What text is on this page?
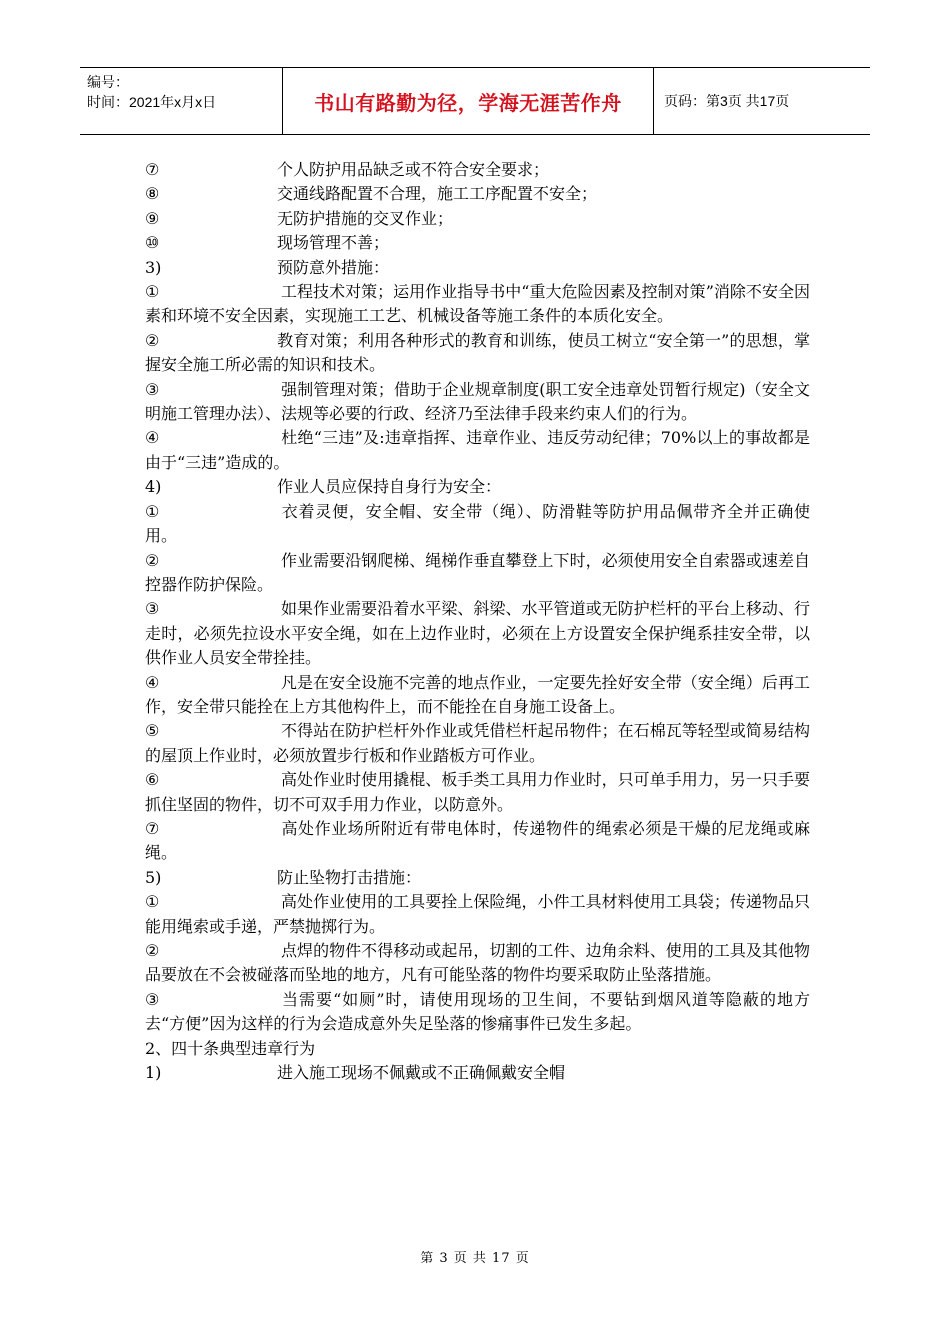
编号：
时间：2021年x月x日	书山有路勤为径，学海无涯苦作舟	页码：第3页 共17页

⑦	个人防护用品缺乏或不符合安全要求；

⑧	交通线路配置不合理，施工工序配置不安全；

⑨	无防护措施的交叉作业；

⑩	现场管理不善；

3)	预防意外措施：

①	工程技术对策；运用作业指导书中“重大危险因素及控制对策”消除不安全因素和环境不安全因素，实现施工工艺、机械设备等施工条件的本质化安全。

②	教育对策；利用各种形式的教育和训练，使员工树立“安全第一”的思想，掌握安全施工所必需的知识和技术。

③	强制管理对策；借助于企业规章制度(职工安全违章处罚暂行规定)（安全文明施工管理办法）、法规等必要的行政、经济乃至法律手段来约束人们的行为。

④	杜绝“三违”及:违章指挥、违章作业、违反劳动纪律；70%以上的事故都是由于“三违”造成的。

4)	作业人员应保持自身行为安全：

①	衣着灵便，安全帽、安全带（绳）、防滑鞋等防护用品佩带齐全并正确使用。

②	作业需要沿钢爬梯、绳梯作垂直攀登上下时，必须使用安全自索器或速差自控器作防护保险。

③	如果作业需要沿着水平梁、斜梁、水平管道或无防护栏杆的平台上移动、行走时，必须先拉设水平安全绳，如在上边作业时，必须在上方设置安全保护绳系挂安全带，以供作业人员安全带拴挂。

④	凡是在安全设施不完善的地点作业，一定要先拴好安全带（安全绳）后再工作，安全带只能拴在上方其他构件上，而不能拴在自身施工设备上。

⑤	不得站在防护栏杆外作业或凭借栏杆起吊物件；在石棉瓦等轻型或简易结构的屋顶上作业时，必须放置步行板和作业踏板方可作业。

⑥	高处作业时使用撬棍、板手类工具用力作业时，只可单手用力，另一只手要抓住坚固的物件，切不可双手用力作业，以防意外。

⑦	高处作业场所附近有带电体时，传递物件的绳索必须是干燥的尼龙绳或麻绳。

5)	防止坠物打击措施：

①	高处作业使用的工具要拴上保险绳，小件工具材料使用工具袋；传递物品只能用绳索或手递，严禁抛掷行为。

②	点焊的物件不得移动或起吊，切割的工件、边角余料、使用的工具及其他物品要放在不会被碰落而坠地的地方，凡有可能坠落的物件均要采取防止坠落措施。

③	当需要“如厕”时，请使用现场的卫生间，不要钻到烟风道等隐蔽的地方去“方便”因为这样的行为会造成意外失足坠落的惨痛事件已发生多起。

2、四十条典型违章行为

1)	进入施工现场不佩戴或不正确佩戴安全帽

第 3 页 共 17 页
